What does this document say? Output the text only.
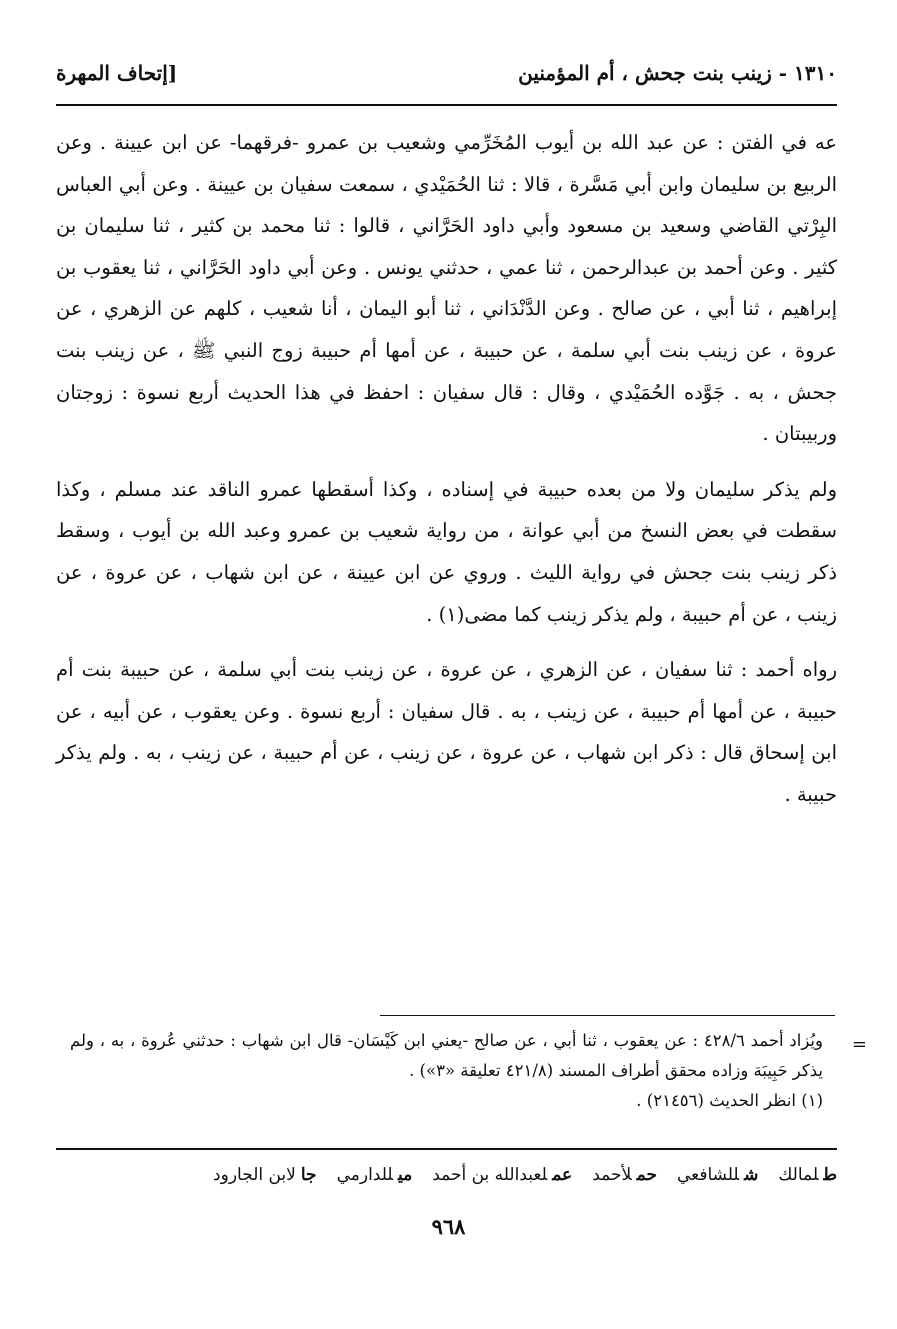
١٣١٠ - زينب بنت جحش ، أم المؤمنين
[إتحاف المهرة

عه في الفتن : عن عبد الله بن أيوب المُخَرِّمي وشعيب بن عمرو -فرقهما- عن ابن عيينة . وعن الربيع بن سليمان وابن أبي مَسَّرة ، قالا : ثنا الحُمَيْدي ، سمعت سفيان بن عيينة . وعن أبي العباس البِرْتي القاضي وسعيد بن مسعود وأبي داود الحَرَّاني ، قالوا : ثنا محمد بن كثير ، ثنا سليمان بن كثير . وعن أحمد بن عبدالرحمن ، ثنا عمي ، حدثني يونس . وعن أبي داود الحَرَّاني ، ثنا يعقوب بن إبراهيم ، ثنا أبي ، عن صالح . وعن الدَّنْدَاني ، ثنا أبو اليمان ، أنا شعيب ، كلهم عن الزهري ، عن عروة ، عن زينب بنت أبي سلمة ، عن حبيبة ، عن أمها أم حبيبة زوج النبي ﷺ ، عن زينب بنت جحش ، به . جَوَّده الحُمَيْدي ، وقال : قال سفيان : احفظ في هذا الحديث أربع نسوة : زوجتان وربيبتان .

ولم يذكر سليمان ولا من بعده حبيبة في إسناده ، وكذا أسقطها عمرو الناقد عند مسلم ، وكذا سقطت في بعض النسخ من أبي عوانة ، من رواية شعيب بن عمرو وعبد الله بن أيوب ، وسقط ذكر زينب بنت جحش في رواية الليث . وروي عن ابن عيينة ، عن ابن شهاب ، عن عروة ، عن زينب ، عن أم حبيبة ، ولم يذكر زينب كما مضى(١) .

رواه أحمد : ثنا سفيان ، عن الزهري ، عن عروة ، عن زينب بنت أبي سلمة ، عن حبيبة بنت أم حبيبة ، عن أمها أم حبيبة ، عن زينب ، به . قال سفيان : أربع نسوة . وعن يعقوب ، عن أبيه ، عن ابن إسحاق قال : ذكر ابن شهاب ، عن عروة ، عن زينب ، عن أم حبيبة ، عن زينب ، به . ولم يذكر حبيبة .

=

ويُزاد أحمد ٤٢٨/٦ : عن يعقوب ، ثنا أبي ، عن صالح -يعني ابن كَيْسَان- قال ابن شهاب : حدثني عُروة ، به ، ولم يذكر حَبِيبَة وزاده محقق أطراف المسند (٤٢١/٨ تعليقة «٣») .

(١) انظر الحديث (٢١٤٥٦) .

طلمالك
شللشافعي
حملأحمد
عملعبدالله بن أحمد
ميللدارمي
جالابن الجارود
٩٦٨
